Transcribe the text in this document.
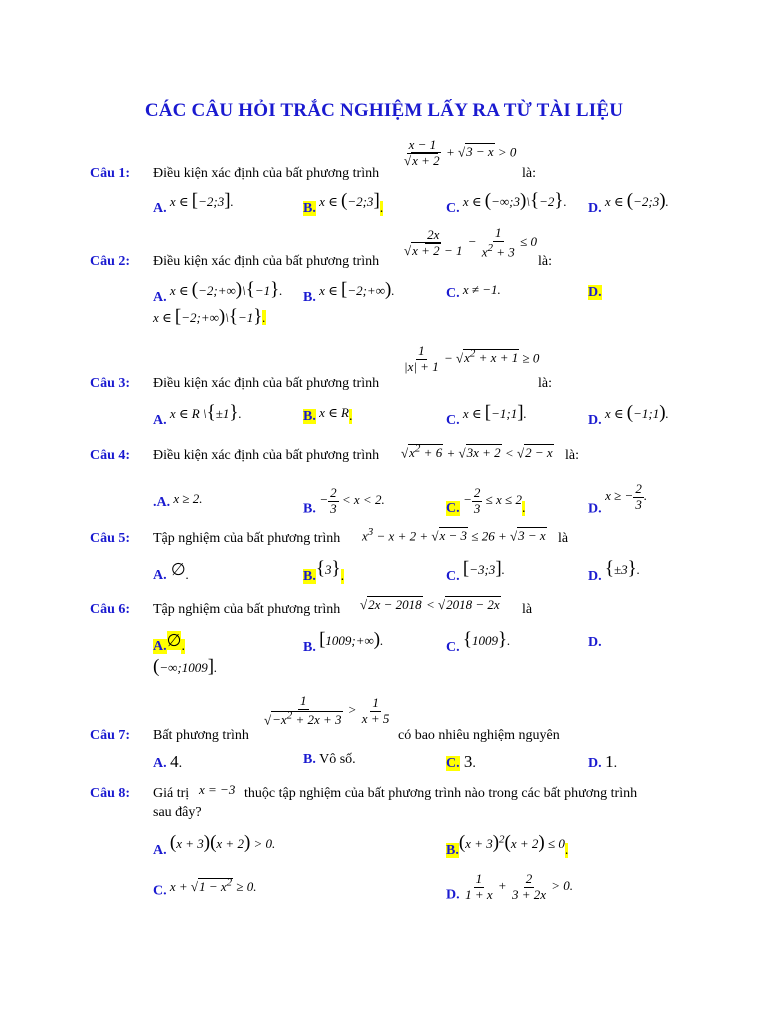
CÁC CÂU HỎI TRẮC NGHIỆM LẤY RA TỪ TÀI LIỆU
Câu 1: Điều kiện xác định của bất phương trình
$\frac{x - 1}{√x + 2} + √3 - x > 0$
là:
A. x ∈ [−2;3].	B. x ∈ (−2;3].	C. x ∈ (−∞;3)\{−2}. D. x ∈ (−2;3).
Câu 2: Điều kiện xác định của bất phương trình
$\frac{2x}{√x + 2 - 1} - \frac{1}{x^2 + 3} \le 0$
là:
A. x ∈ (−2;+∞)\{−1}. B. x ∈ [−2;+∞).	C. x ≠ −1.	D.
x ∈ [−2;+∞)\{−1}.
Câu 3: Điều kiện xác định của bất phương trình
$\frac{1}{|x| + 1} - √x^2 + x + 1 \ge 0$
là:
A. x ∈ R \{±1}.	B. x ∈ R.	C. x ∈ [−1;1].	D. x ∈ (−1;1).
Câu 4: Điều kiện xác định của bất phương trình $√x^2 + 6 + √3x + 2 < √2 - x$ là:
.A. x ≥ 2.
B. − $\frac{2}{3} < x < 2$.
C. − $\frac{2}{3} \le x \le 2$.	D. x ≥ − $\frac{2}{3}$ .
Câu 5: Tập nghiệm của bất phương trình $x^3 - x + 2 + √x - 3 \le 26 + √3 - x$ là
A. ∅.	B.{3}.	C. [−3;3].	D. {±3}.
Câu 6: Tập nghiệm của bất phương trình √2x − 2018 < √2018 − 2x là
A.∅.	B. [1009;+∞).	C. {1009}.	D.
(−∞;1009].
Câu 7: Bất phương trình
$\frac{1}{√-x^2 + 2x + 3} > \frac{1}{x + 5}$
có bao nhiêu nghiệm nguyên
A. 4.	B. Vô số.	C. 3.	D. 1.
Câu 8: Giá trị x = −3 thuộc tập nghiệm của bất phương trình nào trong các bất phương trình
sau đây?
A. (x + 3)(x + 2) > 0.	$B.(x + 3)^2(x + 2) \le 0$.
C. $x + √1 - x^2 \ge 0$.
D. $\frac{1}{1 + x} + \frac{2}{3 + 2x} > 0$.
